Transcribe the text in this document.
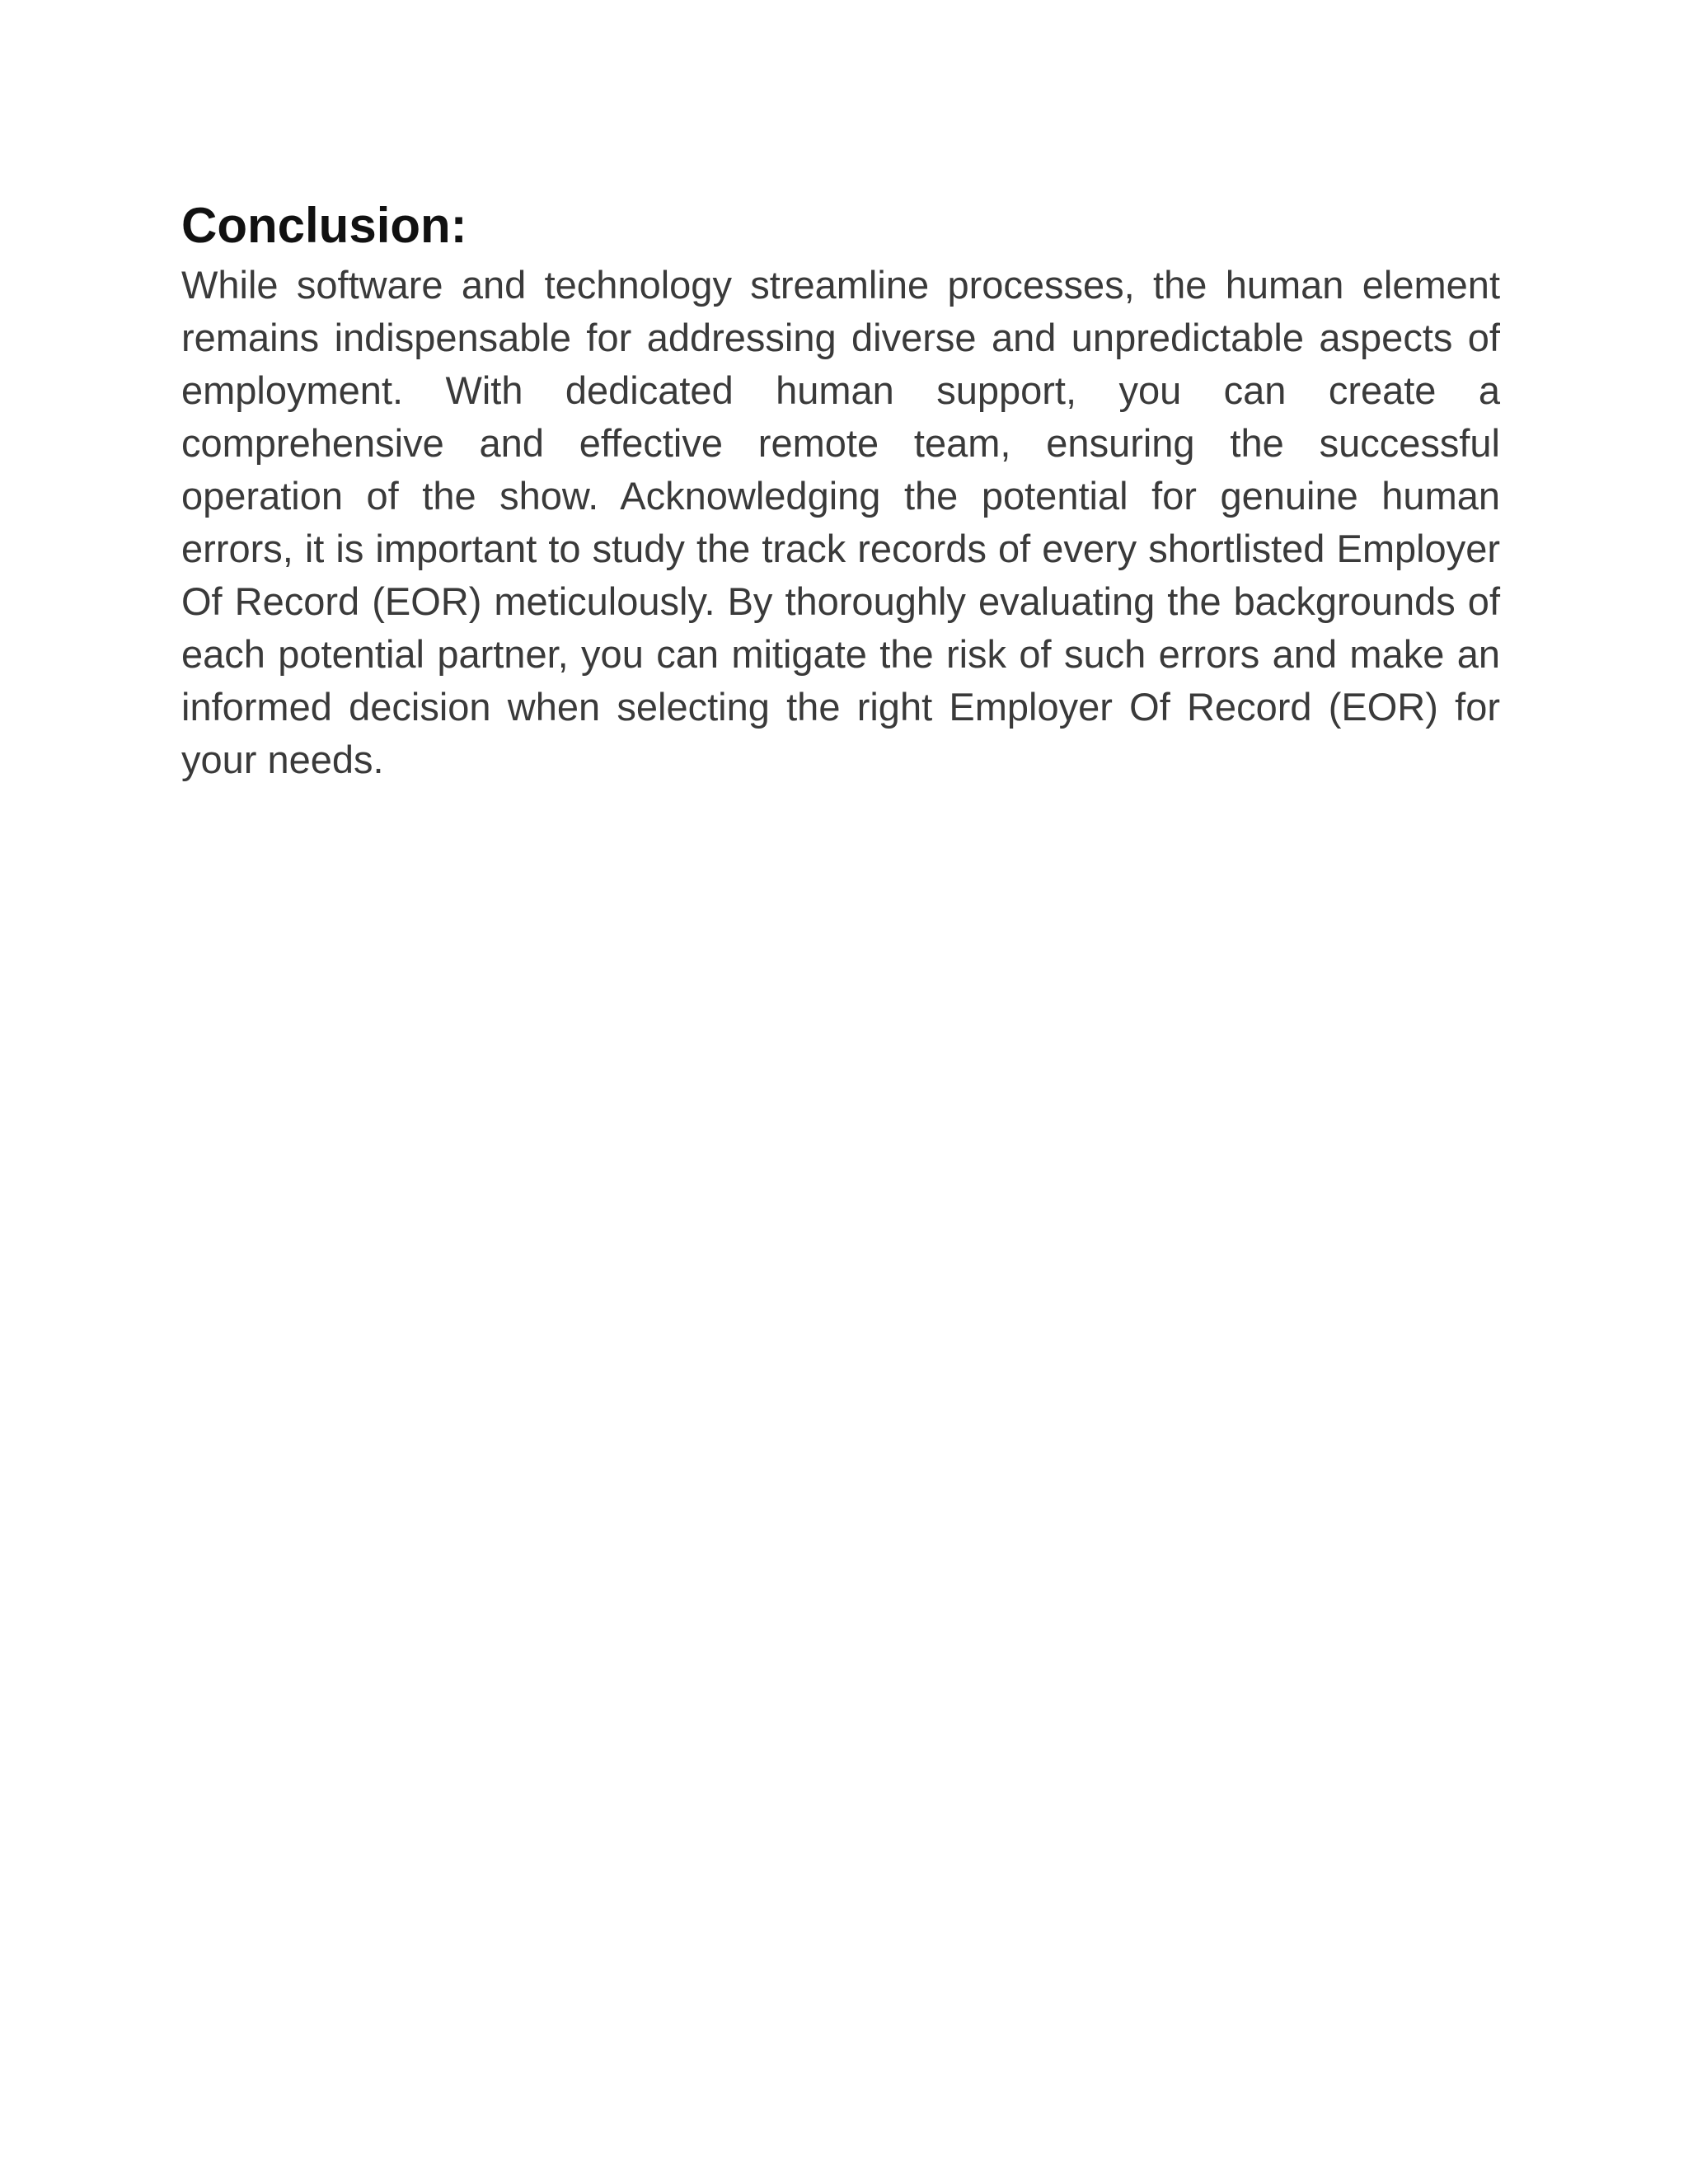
Conclusion:

While software and technology streamline processes, the human element remains indispensable for addressing diverse and unpredictable aspects of employment. With dedicated human support, you can create a comprehensive and effective remote team, ensuring the successful operation of the show. Acknowledging the potential for genuine human errors, it is important to study the track records of every shortlisted Employer Of Record (EOR) meticulously. By thoroughly evaluating the backgrounds of each potential partner, you can mitigate the risk of such errors and make an informed decision when selecting the right Employer Of Record (EOR) for your needs.
